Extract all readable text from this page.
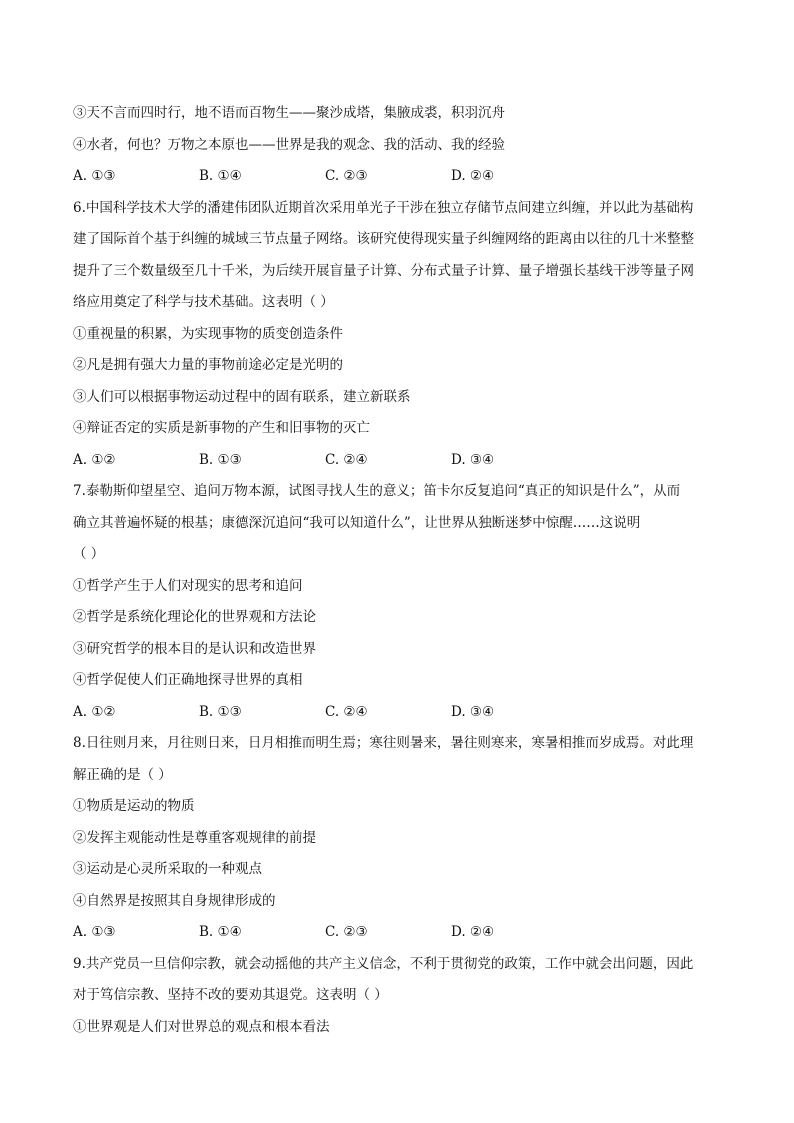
③天不言而四时行，地不语而百物生——聚沙成塔，集腋成裘，积羽沉舟
④水者，何也？万物之本原也——世界是我的观念、我的活动、我的经验
A. ①③	B. ①④	C. ②③	D. ②④
6.中国科学技术大学的潘建伟团队近期首次采用单光子干涉在独立存储节点间建立纠缠，并以此为基础构
建了国际首个基于纠缠的城域三节点量子网络。该研究使得现实量子纠缠网络的距离由以往的几十米整整
提升了三个数量级至几十千米，为后续开展盲量子计算、分布式量子计算、量子增强长基线干涉等量子网
络应用奠定了科学与技术基础。这表明（ ）
①重视量的积累，为实现事物的质变创造条件
②凡是拥有强大力量的事物前途必定是光明的
③人们可以根据事物运动过程中的固有联系，建立新联系
④辩证否定的实质是新事物的产生和旧事物的灭亡
A. ①②	B. ①③	C. ②④	D. ③④
7.泰勒斯仰望星空、追问万物本源，试图寻找人生的意义；笛卡尔反复追问“真正的知识是什么”，从而
确立其普遍怀疑的根基；康德深沉追问“我可以知道什么”，让世界从独断迷梦中惊醒……这说明
（ ）
①哲学产生于人们对现实的思考和追问
②哲学是系统化理论化的世界观和方法论
③研究哲学的根本目的是认识和改造世界
④哲学促使人们正确地探寻世界的真相
A. ①②	B. ①③	C. ②④	D. ③④
8.日往则月来，月往则日来，日月相推而明生焉；寒往则暑来，暑往则寒来，寒暑相推而岁成焉。对此理
解正确的是（ ）
①物质是运动的物质
②发挥主观能动性是尊重客观规律的前提
③运动是心灵所采取的一种观点
④自然界是按照其自身规律形成的
A. ①③	B. ①④	C. ②③	D. ②④
9.共产党员一旦信仰宗教，就会动摇他的共产主义信念，不利于贯彻党的政策，工作中就会出问题，因此
对于笃信宗教、坚持不改的要劝其退党。这表明（ ）
①世界观是人们对世界总的观点和根本看法
